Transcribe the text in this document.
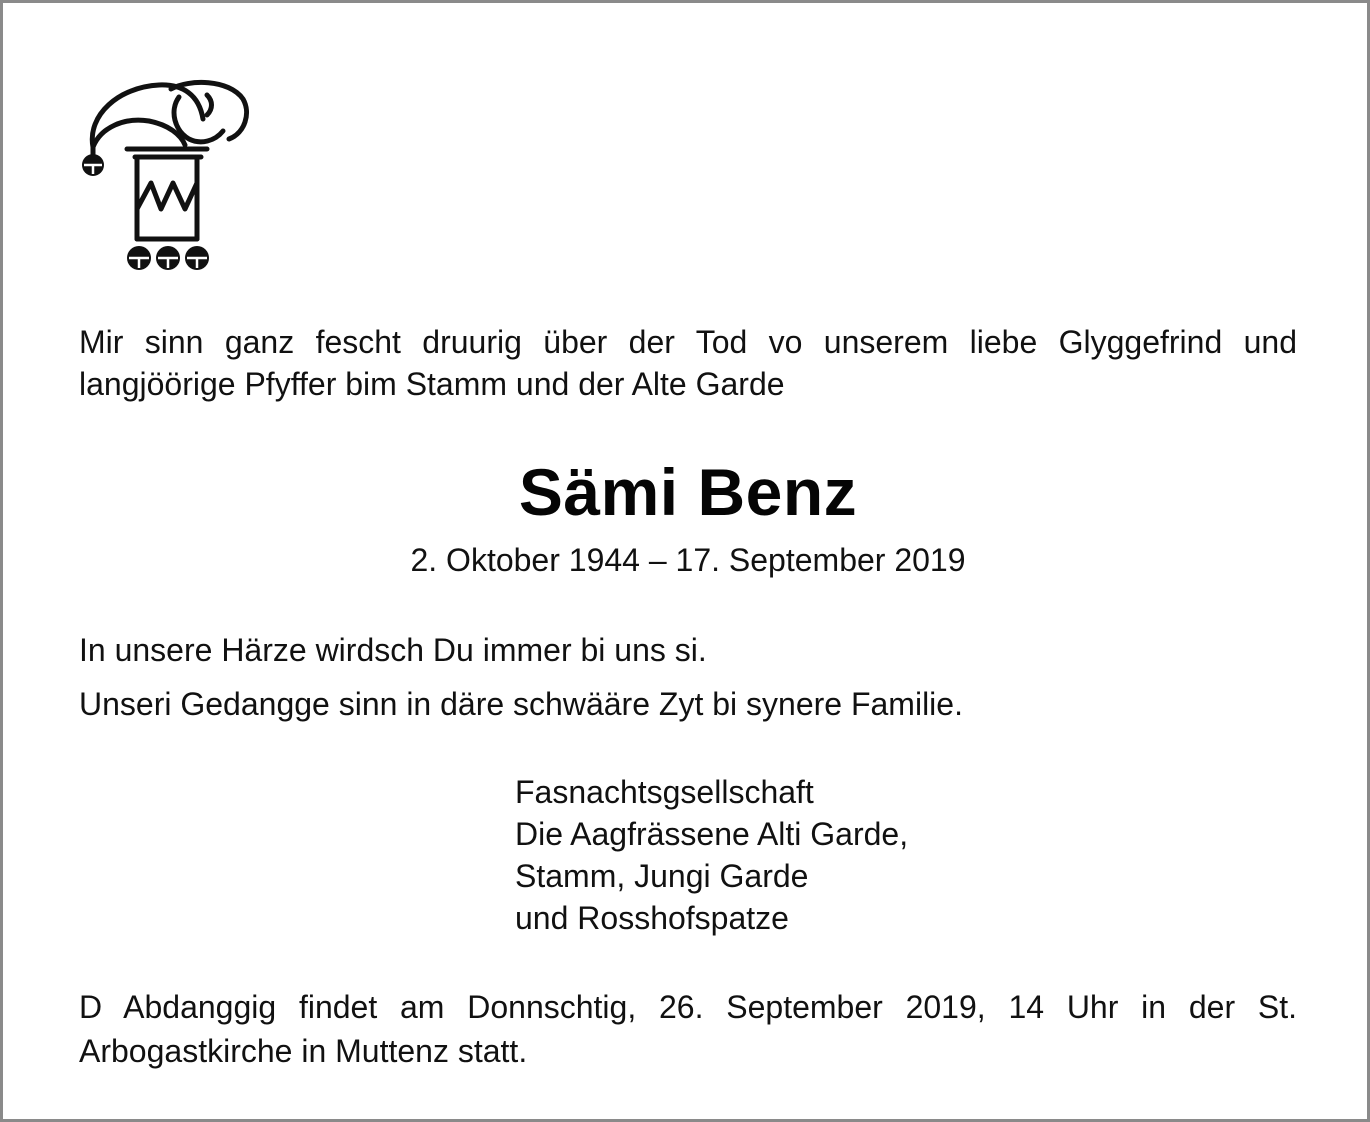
Mir sinn ganz fescht druurig über der Tod vo unserem liebe Glyggefrind und langjöörige Pfyffer bim Stamm und der Alte Garde
Sämi Benz
2. Oktober 1944 – 17. September 2019
In unsere Härze wirdsch Du immer bi uns si.
Unseri Gedangge sinn in däre schwääre Zyt bi synere Familie.
Fasnachtsgsellschaft
Die Aagfrässene Alti Garde,
Stamm, Jungi Garde
und Rosshofspatze
D Abdanggig findet am Donnschtig, 26. September 2019, 14 Uhr in der St. Arbogastkirche in Muttenz statt.
